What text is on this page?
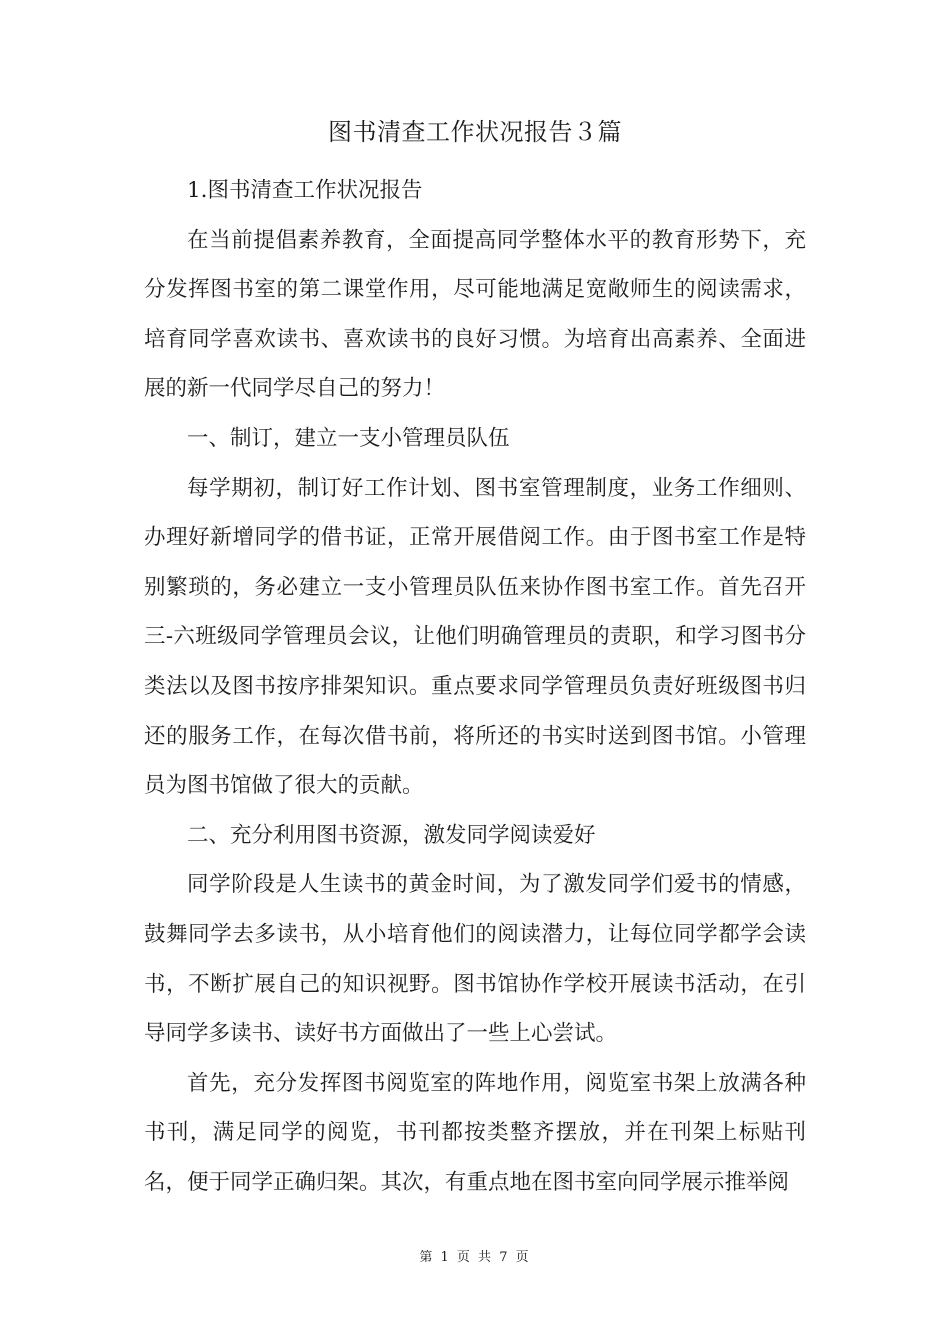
图书清查工作状况报告３篇

1.图书清查工作状况报告

在当前提倡素养教育，全面提高同学整体水平的教育形势下，充分发挥图书室的第二课堂作用，尽可能地满足宽敞师生的阅读需求，培育同学喜欢读书、喜欢读书的良好习惯。为培育出高素养、全面进展的新一代同学尽自己的努力！

一、制订，建立一支小管理员队伍

每学期初，制订好工作计划、图书室管理制度，业务工作细则、办理好新增同学的借书证，正常开展借阅工作。由于图书室工作是特别繁琐的，务必建立一支小管理员队伍来协作图书室工作。首先召开三-六班级同学管理员会议，让他们明确管理员的责职，和学习图书分类法以及图书按序排架知识。重点要求同学管理员负责好班级图书归还的服务工作，在每次借书前，将所还的书实时送到图书馆。小管理员为图书馆做了很大的贡献。

二、充分利用图书资源，激发同学阅读爱好

同学阶段是人生读书的黄金时间，为了激发同学们爱书的情感，鼓舞同学去多读书，从小培育他们的阅读潜力，让每位同学都学会读书，不断扩展自己的知识视野。图书馆协作学校开展读书活动，在引导同学多读书、读好书方面做出了一些上心尝试。

首先，充分发挥图书阅览室的阵地作用，阅览室书架上放满各种书刊，满足同学的阅览，书刊都按类整齐摆放，并在刊架上标贴刊名，便于同学正确归架。其次，有重点地在图书室向同学展示推举阅

第 1 页 共 7 页
